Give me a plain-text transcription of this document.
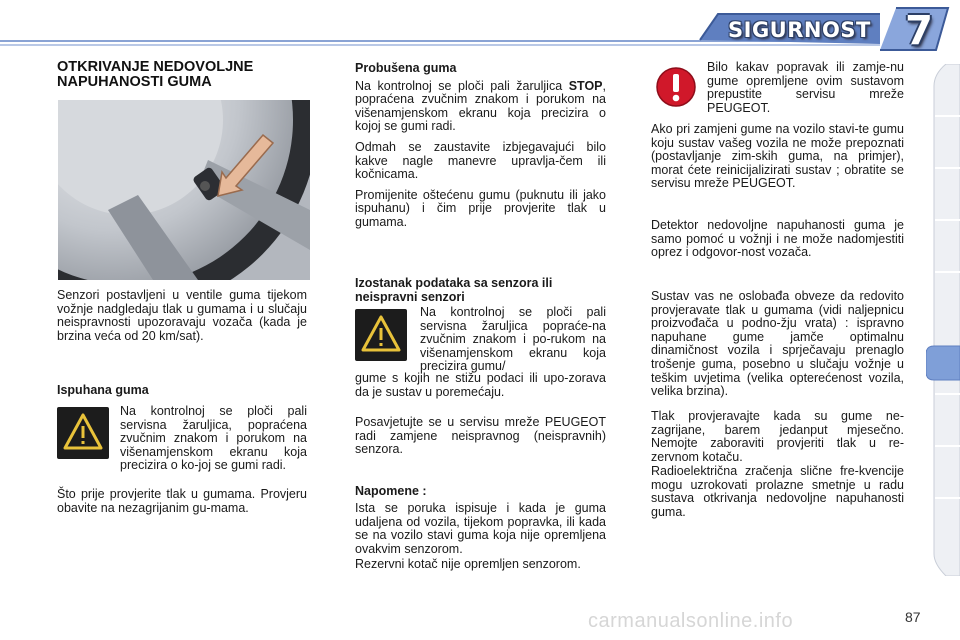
SIGURNOST 7
OTKRIVANJE NEDOVOLJNE
NAPUHANOSTI GUMA
Senzori postavljeni u ventile guma tijekom vožnje nadgledaju tlak u gumama i u slučaju neispravnosti upozoravaju vozača (kada je brzina veća od 20 km/sat).
Ispuhana guma
Na kontrolnoj se ploči pali servisna žaruljica, popraćena zvučnim znakom i porukom na višenamjenskom ekranu koja precizira o ko-joj se gumi radi.
Što prije provjerite tlak u gumama. Provjeru obavite na nezagrijanim gu-mama.

Probušena guma

Na kontrolnoj se ploči pali žaruljica STOP, popraćena zvučnim znakom i porukom na višenamjenskom ekranu koja precizira o kojoj se gumi radi.

Odmah se zaustavite izbjegavajući bilo kakve nagle manevre upravlja-čem ili kočnicama.

Promijenite oštećenu gumu (puknutu ili jako ispuhanu) i čim prije provjerite tlak u gumama.

Izostanak podataka sa senzora ili neispravni senzori
Na kontrolnoj se ploči pali servisna žaruljica popraće-na zvučnim znakom i po-rukom na višenamjenskom ekranu koja precizira gumu/
gume s kojih ne stižu podaci ili upo-zorava da je sustav u poremećaju.
Posavjetujte se u servisu mreže PEUGEOT radi zamjene neispravnog (neispravnih) senzora.
Napomene :
Ista se poruka ispisuje i kada je guma udaljena od vozila, tijekom popravka, ili kada se na vozilo stavi guma koja nije opremljena ovakvim senzorom.
Rezervni kotač nije opremljen senzorom.
Bilo kakav popravak ili zamje-nu gume opremljene ovim sustavom prepustite servisu mreže PEUGEOT.
Ako pri zamjeni gume na vozilo stavi-te gumu koju sustav vašeg vozila ne može prepoznati (postavljanje zim-skih guma, na primjer), morat ćete reinicijalizirati sustav ; obratite se servisu mreže PEUGEOT.
Detektor nedovoljne napuhanosti guma je samo pomoć u vožnji i ne može nadomjestiti oprez i odgovor-nost vozača.
Sustav vas ne oslobađa obveze da redovito provjeravate tlak u gumama (vidi naljepnicu proizvođača u podno-žju vrata) : ispravno napuhane gume jamče optimalnu dinamičnost vozila i sprječavaju prenaglo trošenje guma, posebno u slučaju vožnje u teškim uvjetima (velika opterećenost vozila, velika brzina).
Tlak provjeravajte kada su gume ne-zagrijane, barem jedanput mjesečno. Nemojte zaboraviti provjeriti tlak u re-zervnom kotaču.
Radioelektrična zračenja slične fre-kvencije mogu uzrokovati prolazne smetnje u radu sustava otkrivanja nedovoljne napuhanosti guma.
carmanualsonline.info	87
